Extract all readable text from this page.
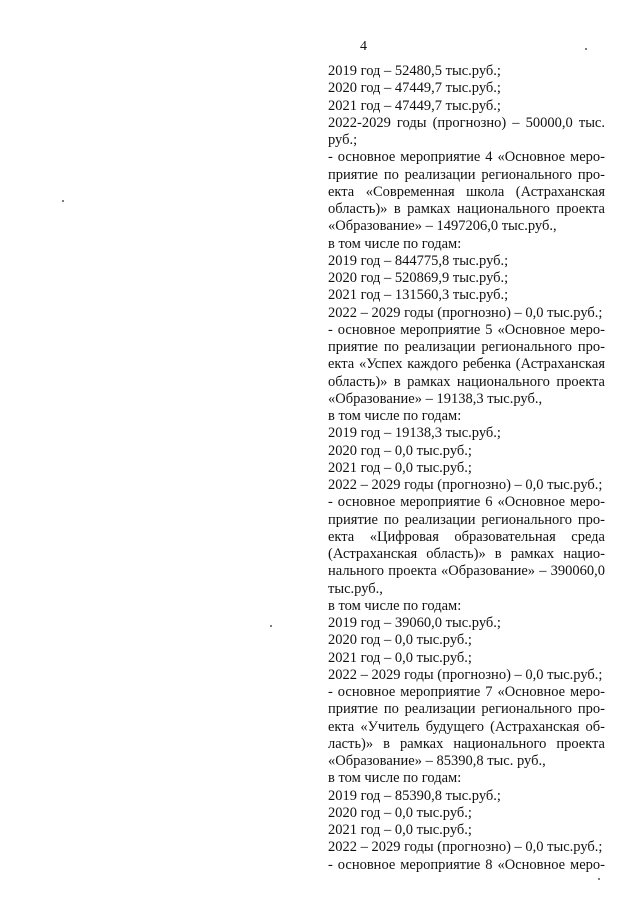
4
2019 год – 52480,5 тыс.руб.;
2020 год – 47449,7 тыс.руб.;
2021 год – 47449,7 тыс.руб.;
2022-2029 годы (прогнозно) – 50000,0 тыс.
руб.;
- основное мероприятие 4 «Основное меро-
приятие по реализации регионального про-
екта «Современная школа (Астраханская
область)» в рамках национального проекта
«Образование» – 1497206,0 тыс.руб.,
в том числе по годам:
2019 год – 844775,8 тыс.руб.;
2020 год – 520869,9 тыс.руб.;
2021 год – 131560,3 тыс.руб.;
2022 – 2029 годы (прогнозно) – 0,0 тыс.руб.;
- основное мероприятие 5 «Основное меро-
приятие по реализации регионального про-
екта «Успех каждого ребенка (Астраханская
область)» в рамках национального проекта
«Образование» – 19138,3 тыс.руб.,
в том числе по годам:
2019 год – 19138,3 тыс.руб.;
2020 год – 0,0 тыс.руб.;
2021 год – 0,0 тыс.руб.;
2022 – 2029 годы (прогнозно) – 0,0 тыс.руб.;
- основное мероприятие 6 «Основное меро-
приятие по реализации регионального про-
екта «Цифровая образовательная среда
(Астраханская область)» в рамках нацио-
нального проекта «Образование» – 390060,0
тыс.руб.,
в том числе по годам:
2019 год – 39060,0 тыс.руб.;
2020 год – 0,0 тыс.руб.;
2021 год – 0,0 тыс.руб.;
2022 – 2029 годы (прогнозно) – 0,0 тыс.руб.;
- основное мероприятие 7 «Основное меро-
приятие по реализации регионального про-
екта «Учитель будущего (Астраханская об-
ласть)» в рамках национального проекта
«Образование» – 85390,8 тыс. руб.,
в том числе по годам:
2019 год – 85390,8 тыс.руб.;
2020 год – 0,0 тыс.руб.;
2021 год – 0,0 тыс.руб.;
2022 – 2029 годы (прогнозно) – 0,0 тыс.руб.;
- основное мероприятие 8 «Основное меро-
